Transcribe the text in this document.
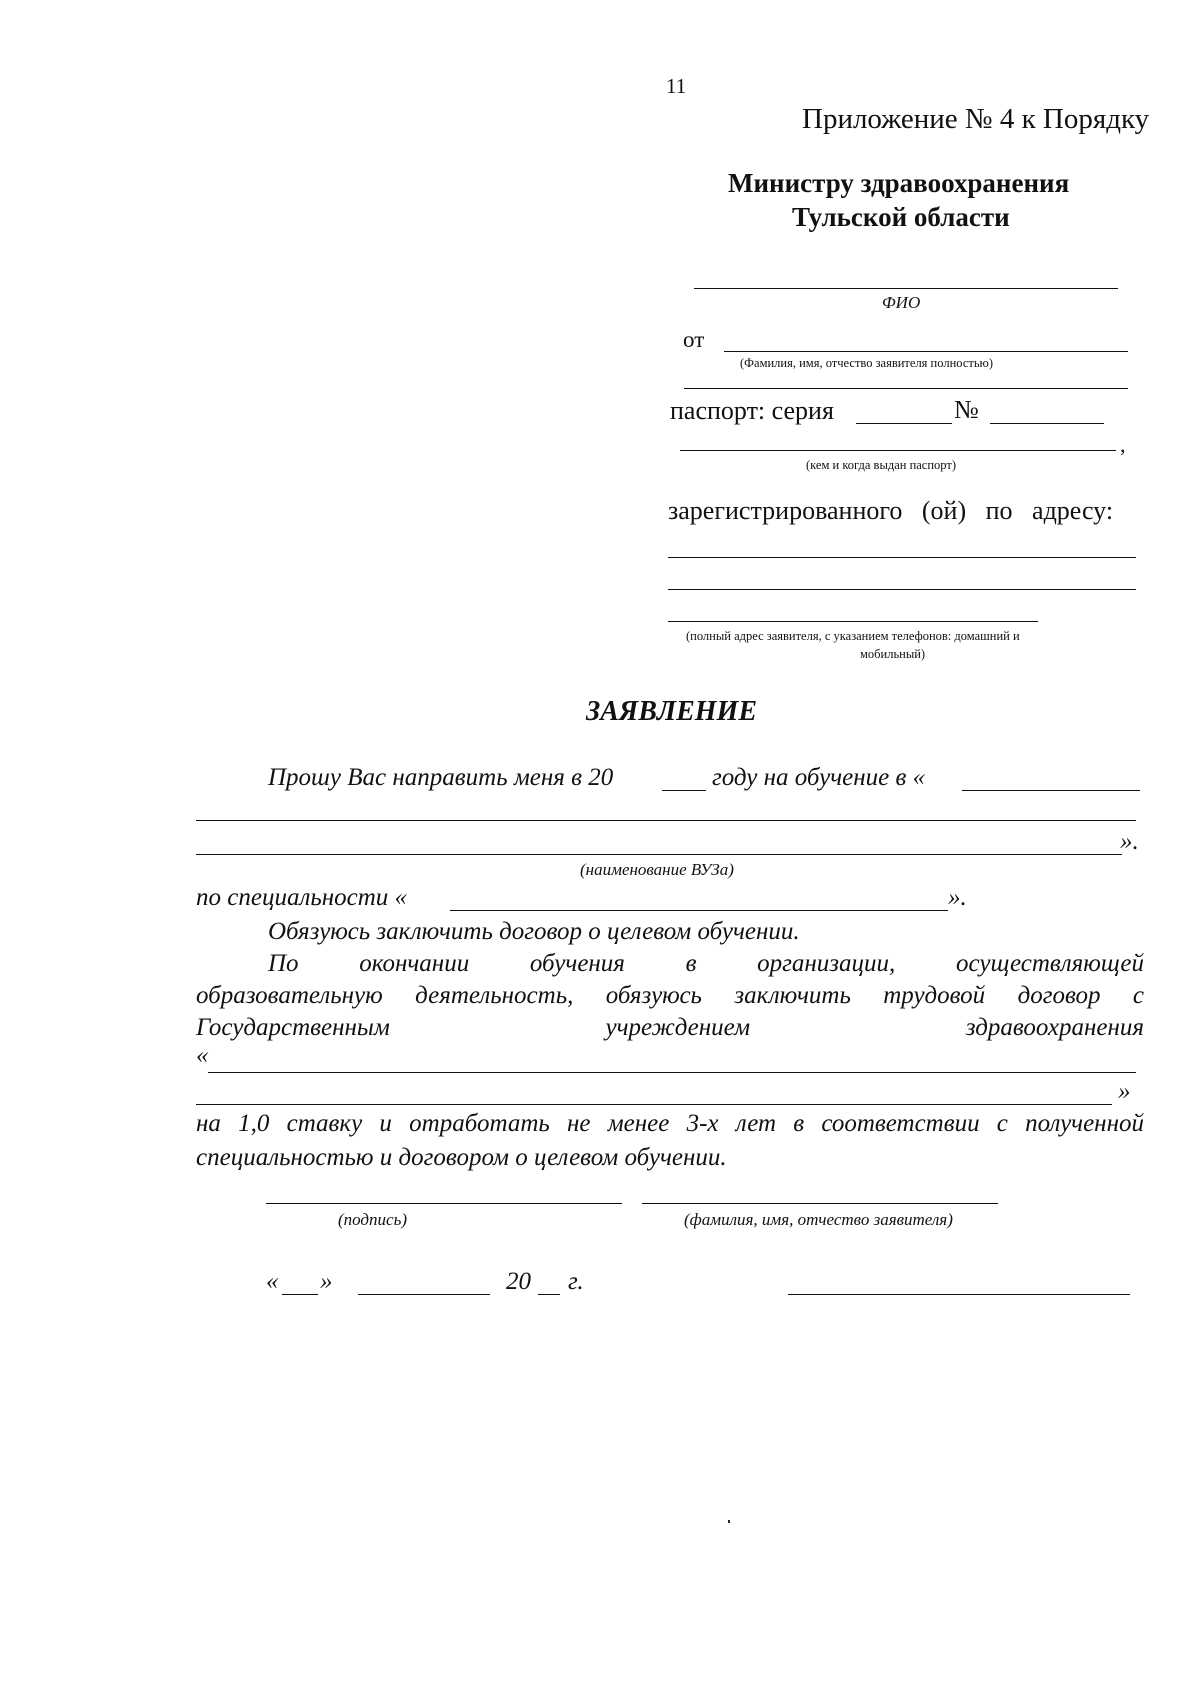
11
Приложение № 4 к Порядку
Министру здравоохранения
Тульской области
ФИО
от
(Фамилия, имя, отчество заявителя полностью)
паспорт: серия	№
,
(кем и когда выдан паспорт)
зарегистрированного (ой) по адресу:
(полный адрес заявителя, с указанием телефонов: домашний и
мобильный)
ЗАЯВЛЕНИЕ
Прошу Вас направить меня в 20	году на обучение в «
».
(наименование ВУЗа)
по специальности «	».
Обязуюсь заключить договор о целевом обучении.
По окончании обучения в организации, осуществляющей
образовательную деятельность, обязуюсь заключить трудовой договор с
Государственным учреждением здравоохранения
«
»
на 1,0 ставку и отработать не менее 3-х лет в соответствии с полученной
специальностью и договором о целевом обучении.
(подпись)	(фамилия, имя, отчество заявителя)
« »	20 г.
